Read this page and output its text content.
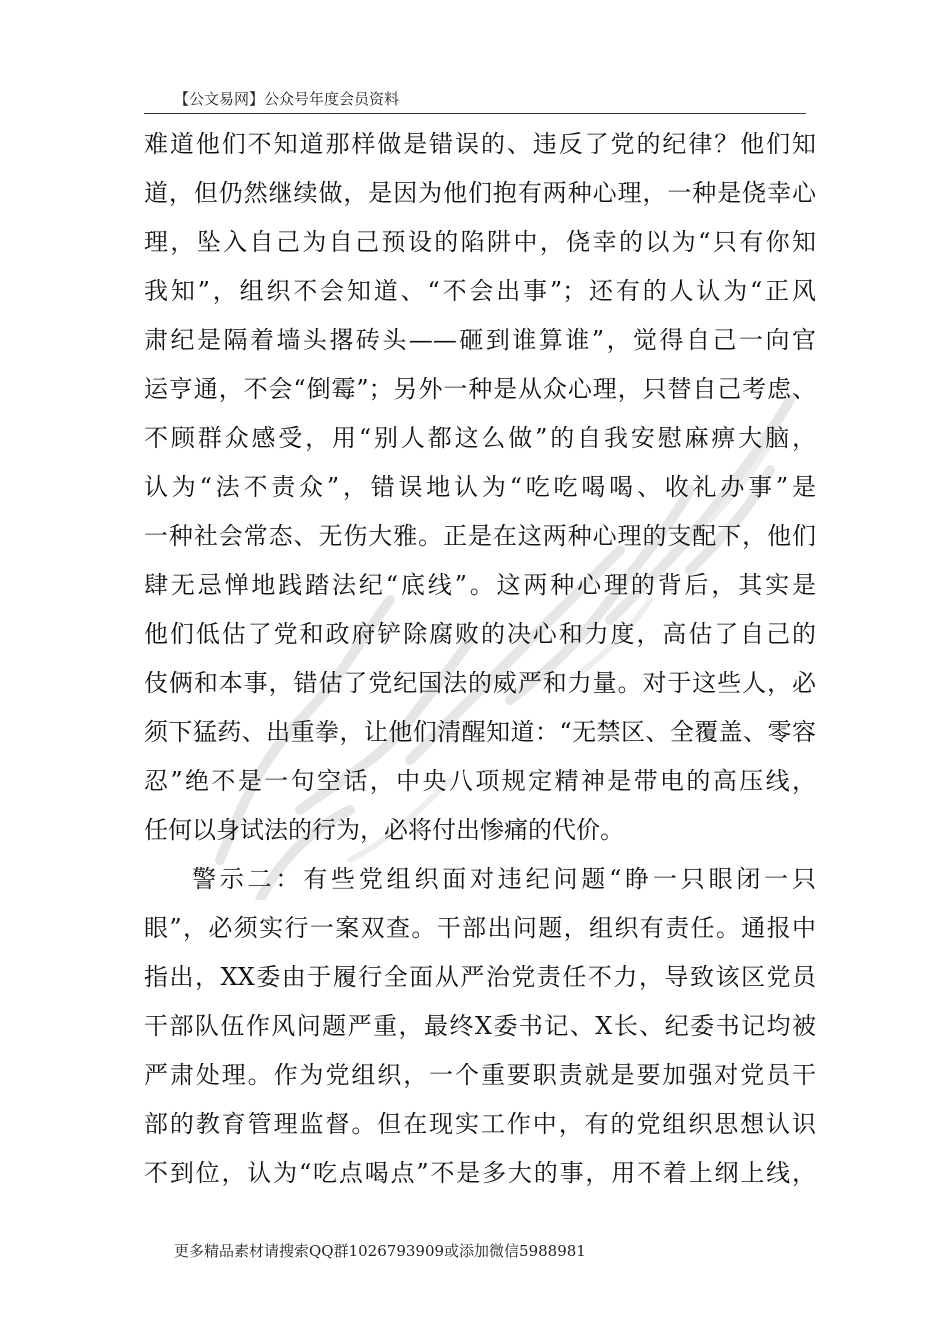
【公文易网】公众号年度会员资料
难道他们不知道那样做是错误的、违反了党的纪律？他们知
道，但仍然继续做，是因为他们抱有两种心理，一种是侥幸心
理，坠入自己为自己预设的陷阱中，侥幸的以为“只有你知
我知”，组织不会知道、“不会出事”；还有的人认为“正风
肃纪是隔着墙头撂砖头——砸到谁算谁”，觉得自己一向官
运亨通，不会“倒霉”；另外一种是从众心理，只替自己考虑、
不顾群众感受，用“别人都这么做”的自我安慰麻痹大脑，
认为“法不责众”，错误地认为“吃吃喝喝、收礼办事”是
一种社会常态、无伤大雅。正是在这两种心理的支配下，他们
肆无忌惮地践踏法纪“底线”。这两种心理的背后，其实是
他们低估了党和政府铲除腐败的决心和力度，高估了自己的
伎俩和本事，错估了党纪国法的威严和力量。对于这些人，必
须下猛药、出重拳，让他们清醒知道：“无禁区、全覆盖、零容
忍”绝不是一句空话，中央八项规定精神是带电的高压线，
任何以身试法的行为，必将付出惨痛的代价。
警示二：有些党组织面对违纪问题“睁一只眼闭一只
眼”，必须实行一案双查。干部出问题，组织有责任。通报中
指出，XX委由于履行全面从严治党责任不力，导致该区党员
干部队伍作风问题严重，最终X委书记、X长、纪委书记均被
严肃处理。作为党组织，一个重要职责就是要加强对党员干
部的教育管理监督。但在现实工作中，有的党组织思想认识
不到位，认为“吃点喝点”不是多大的事，用不着上纲上线，
更多精品素材请搜索QQ群1026793909或添加微信5988981
